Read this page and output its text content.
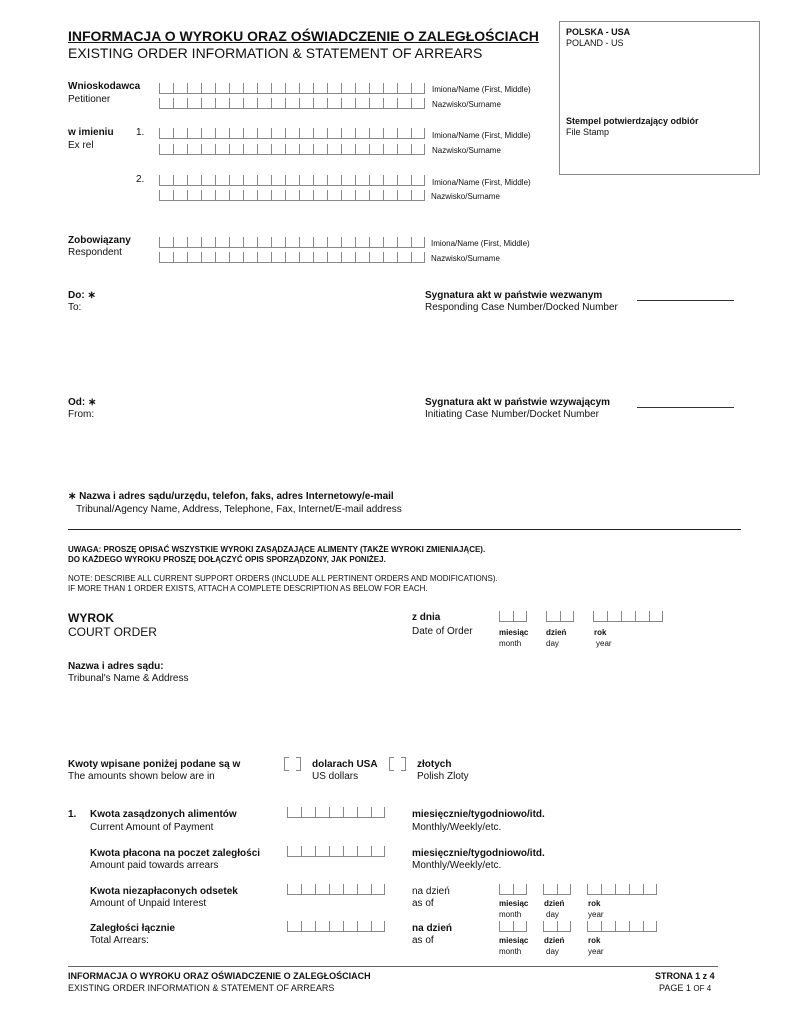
INFORMACJA O WYROKU ORAZ OŚWIADCZENIE O ZALEGŁOŚCIACH
EXISTING ORDER INFORMATION & STATEMENT OF ARREARS
POLSKA - USA
POLAND - US
Stempel potwierdzający odbiór
File Stamp
Wnioskodawca
Petitioner
Imiona/Name (First, Middle)
Nazwisko/Surname
w imieniu
Ex rel
1.	Imiona/Name (First, Middle)
Nazwisko/Surname
2.	Imiona/Name (First, Middle)
Nazwisko/Surname
Zobowiązany
Respondent
Imiona/Name (First, Middle)
Nazwisko/Surname
Do: ∗
To:
Sygnatura akt w państwie wezwanym
Responding Case Number/Docked Number
Od: ∗
From:
Sygnatura akt w państwie wzywającym
Initiating Case Number/Docket Number
∗ Nazwa i adres sądu/urzędu, telefon, faks, adres Internetowy/e-mail
Tribunal/Agency Name, Address, Telephone, Fax, Internet/E-mail address
UWAGA: PROSZĘ OPISAĆ WSZYSTKIE WYROKI ZASĄDZAJĄCE ALIMENTY (TAKŻE WYROKI ZMIENIAJĄCE).
DO KAŻDEGO WYROKU PROSZĘ DOŁĄCZYĆ OPIS SPORZĄDZONY, JAK PONIŻEJ.
NOTE: DESCRIBE ALL CURRENT SUPPORT ORDERS (INCLUDE ALL PERTINENT ORDERS AND MODIFICATIONS).
IF MORE THAN 1 ORDER EXISTS, ATTACH A COMPLETE DESCRIPTION AS BELOW FOR EACH.
WYROK
COURT ORDER
z dnia
Date of Order	miesiąc
month
dzień
day
rok
year
Nazwa i adres sądu:
Tribunal's Name & Address
Kwoty wpisane poniżej podane są w
The amounts shown below are in
dolarach USA
US dollars
złotych
Polish Zloty
1. Kwota zasądzonych alimentów
Current Amount of Payment
miesięcznie/tygodniowo/itd.
Monthly/Weekly/etc.
Kwota płacona na poczet zaległości
Amount paid towards arrears
miesięcznie/tygodniowo/itd.
Monthly/Weekly/etc.
Kwota niezapłaconych odsetek
Amount of Unpaid Interest
na dzień
as of	miesiąc
month
dzień
day
rok
year
Zaległości łącznie
Total Arrears:
na dzień
as of	miesiąc
month
dzień
day
rok
year
INFORMACJA O WYROKU ORAZ OŚWIADCZENIE O ZALEGŁOŚCIACH
EXISTING ORDER INFORMATION & STATEMENT OF ARREARS
STRONA 1 z 4
PAGE 1 OF 4
